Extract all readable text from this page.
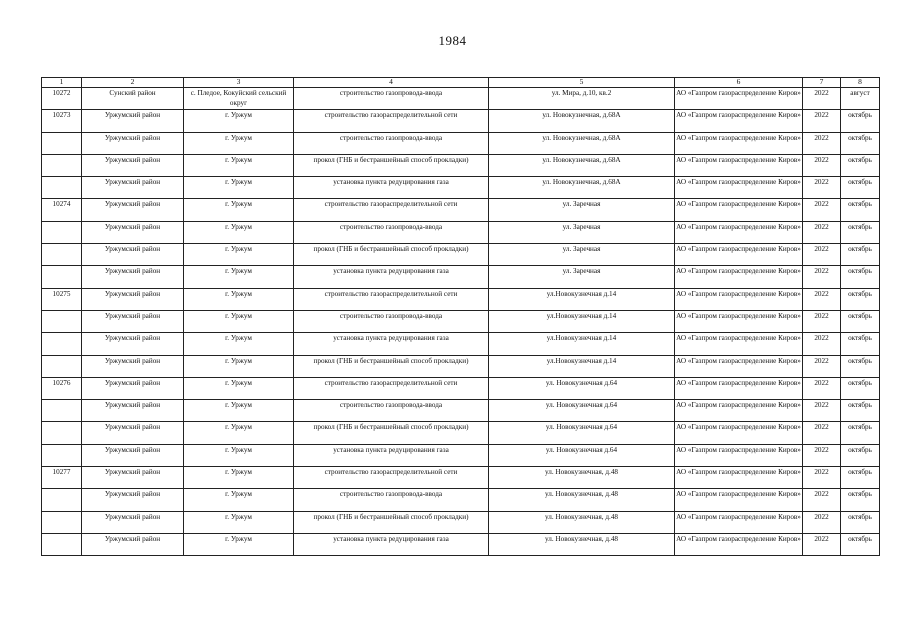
1984
1	2	3	4	5	6	7	8
10272	Сунский район	с. Пледое, Кокуйский сельский округ	строительство газопровода-ввода	ул. Мира, д.10, кв.2	АО «Газпром газораспределение Киров»	2022	август
10273	Уржумский район	г. Уржум	строительство газораспределительной сети	ул. Новокузнечная, д.68А	АО «Газпром газораспределение Киров»	2022	октябрь
	Уржумский район	г. Уржум	строительство газопровода-ввода	ул. Новокузнечная, д.68А	АО «Газпром газораспределение Киров»	2022	октябрь
	Уржумский район	г. Уржум	прокол (ГНБ и бестраншейный способ прокладки)	ул. Новокузнечная, д.68А	АО «Газпром газораспределение Киров»	2022	октябрь
	Уржумский район	г. Уржум	установка пункта редуцирования газа	ул. Новокузнечная, д.68А	АО «Газпром газораспределение Киров»	2022	октябрь
10274	Уржумский район	г. Уржум	строительство газораспределительной сети	ул. Заречная	АО «Газпром газораспределение Киров»	2022	октябрь
	Уржумский район	г. Уржум	строительство газопровода-ввода	ул. Заречная	АО «Газпром газораспределение Киров»	2022	октябрь
	Уржумский район	г. Уржум	прокол (ГНБ и бестраншейный способ прокладки)	ул. Заречная	АО «Газпром газораспределение Киров»	2022	октябрь
	Уржумский район	г. Уржум	установка пункта редуцирования газа	ул. Заречная	АО «Газпром газораспределение Киров»	2022	октябрь
10275	Уржумский район	г. Уржум	строительство газораспределительной сети	ул.Новокузнечная д.14	АО «Газпром газораспределение Киров»	2022	октябрь
	Уржумский район	г. Уржум	строительство газопровода-ввода	ул.Новокузнечная д.14	АО «Газпром газораспределение Киров»	2022	октябрь
	Уржумский район	г. Уржум	установка пункта редуцирования газа	ул.Новокузнечная д.14	АО «Газпром газораспределение Киров»	2022	октябрь
	Уржумский район	г. Уржум	прокол (ГНБ и бестраншейный способ прокладки)	ул.Новокузнечная д.14	АО «Газпром газораспределение Киров»	2022	октябрь
10276	Уржумский район	г. Уржум	строительство газораспределительной сети	ул. Новокузнечная д.64	АО «Газпром газораспределение Киров»	2022	октябрь
	Уржумский район	г. Уржум	строительство газопровода-ввода	ул. Новокузнечная д.64	АО «Газпром газораспределение Киров»	2022	октябрь
	Уржумский район	г. Уржум	прокол (ГНБ и бестраншейный способ прокладки)	ул. Новокузнечная д.64	АО «Газпром газораспределение Киров»	2022	октябрь
	Уржумский район	г. Уржум	установка пункта редуцирования газа	ул. Новокузнечная д.64	АО «Газпром газораспределение Киров»	2022	октябрь
10277	Уржумский район	г. Уржум	строительство газораспределительной сети	ул. Новокузнечная, д.48	АО «Газпром газораспределение Киров»	2022	октябрь
	Уржумский район	г. Уржум	строительство газопровода-ввода	ул. Новокузнечная, д.48	АО «Газпром газораспределение Киров»	2022	октябрь
	Уржумский район	г. Уржум	прокол (ГНБ и бестраншейный способ прокладки)	ул. Новокузнечная, д.48	АО «Газпром газораспределение Киров»	2022	октябрь
	Уржумский район	г. Уржум	установка пункта редуцирования газа	ул. Новокузнечная, д.48	АО «Газпром газораспределение Киров»	2022	октябрь
